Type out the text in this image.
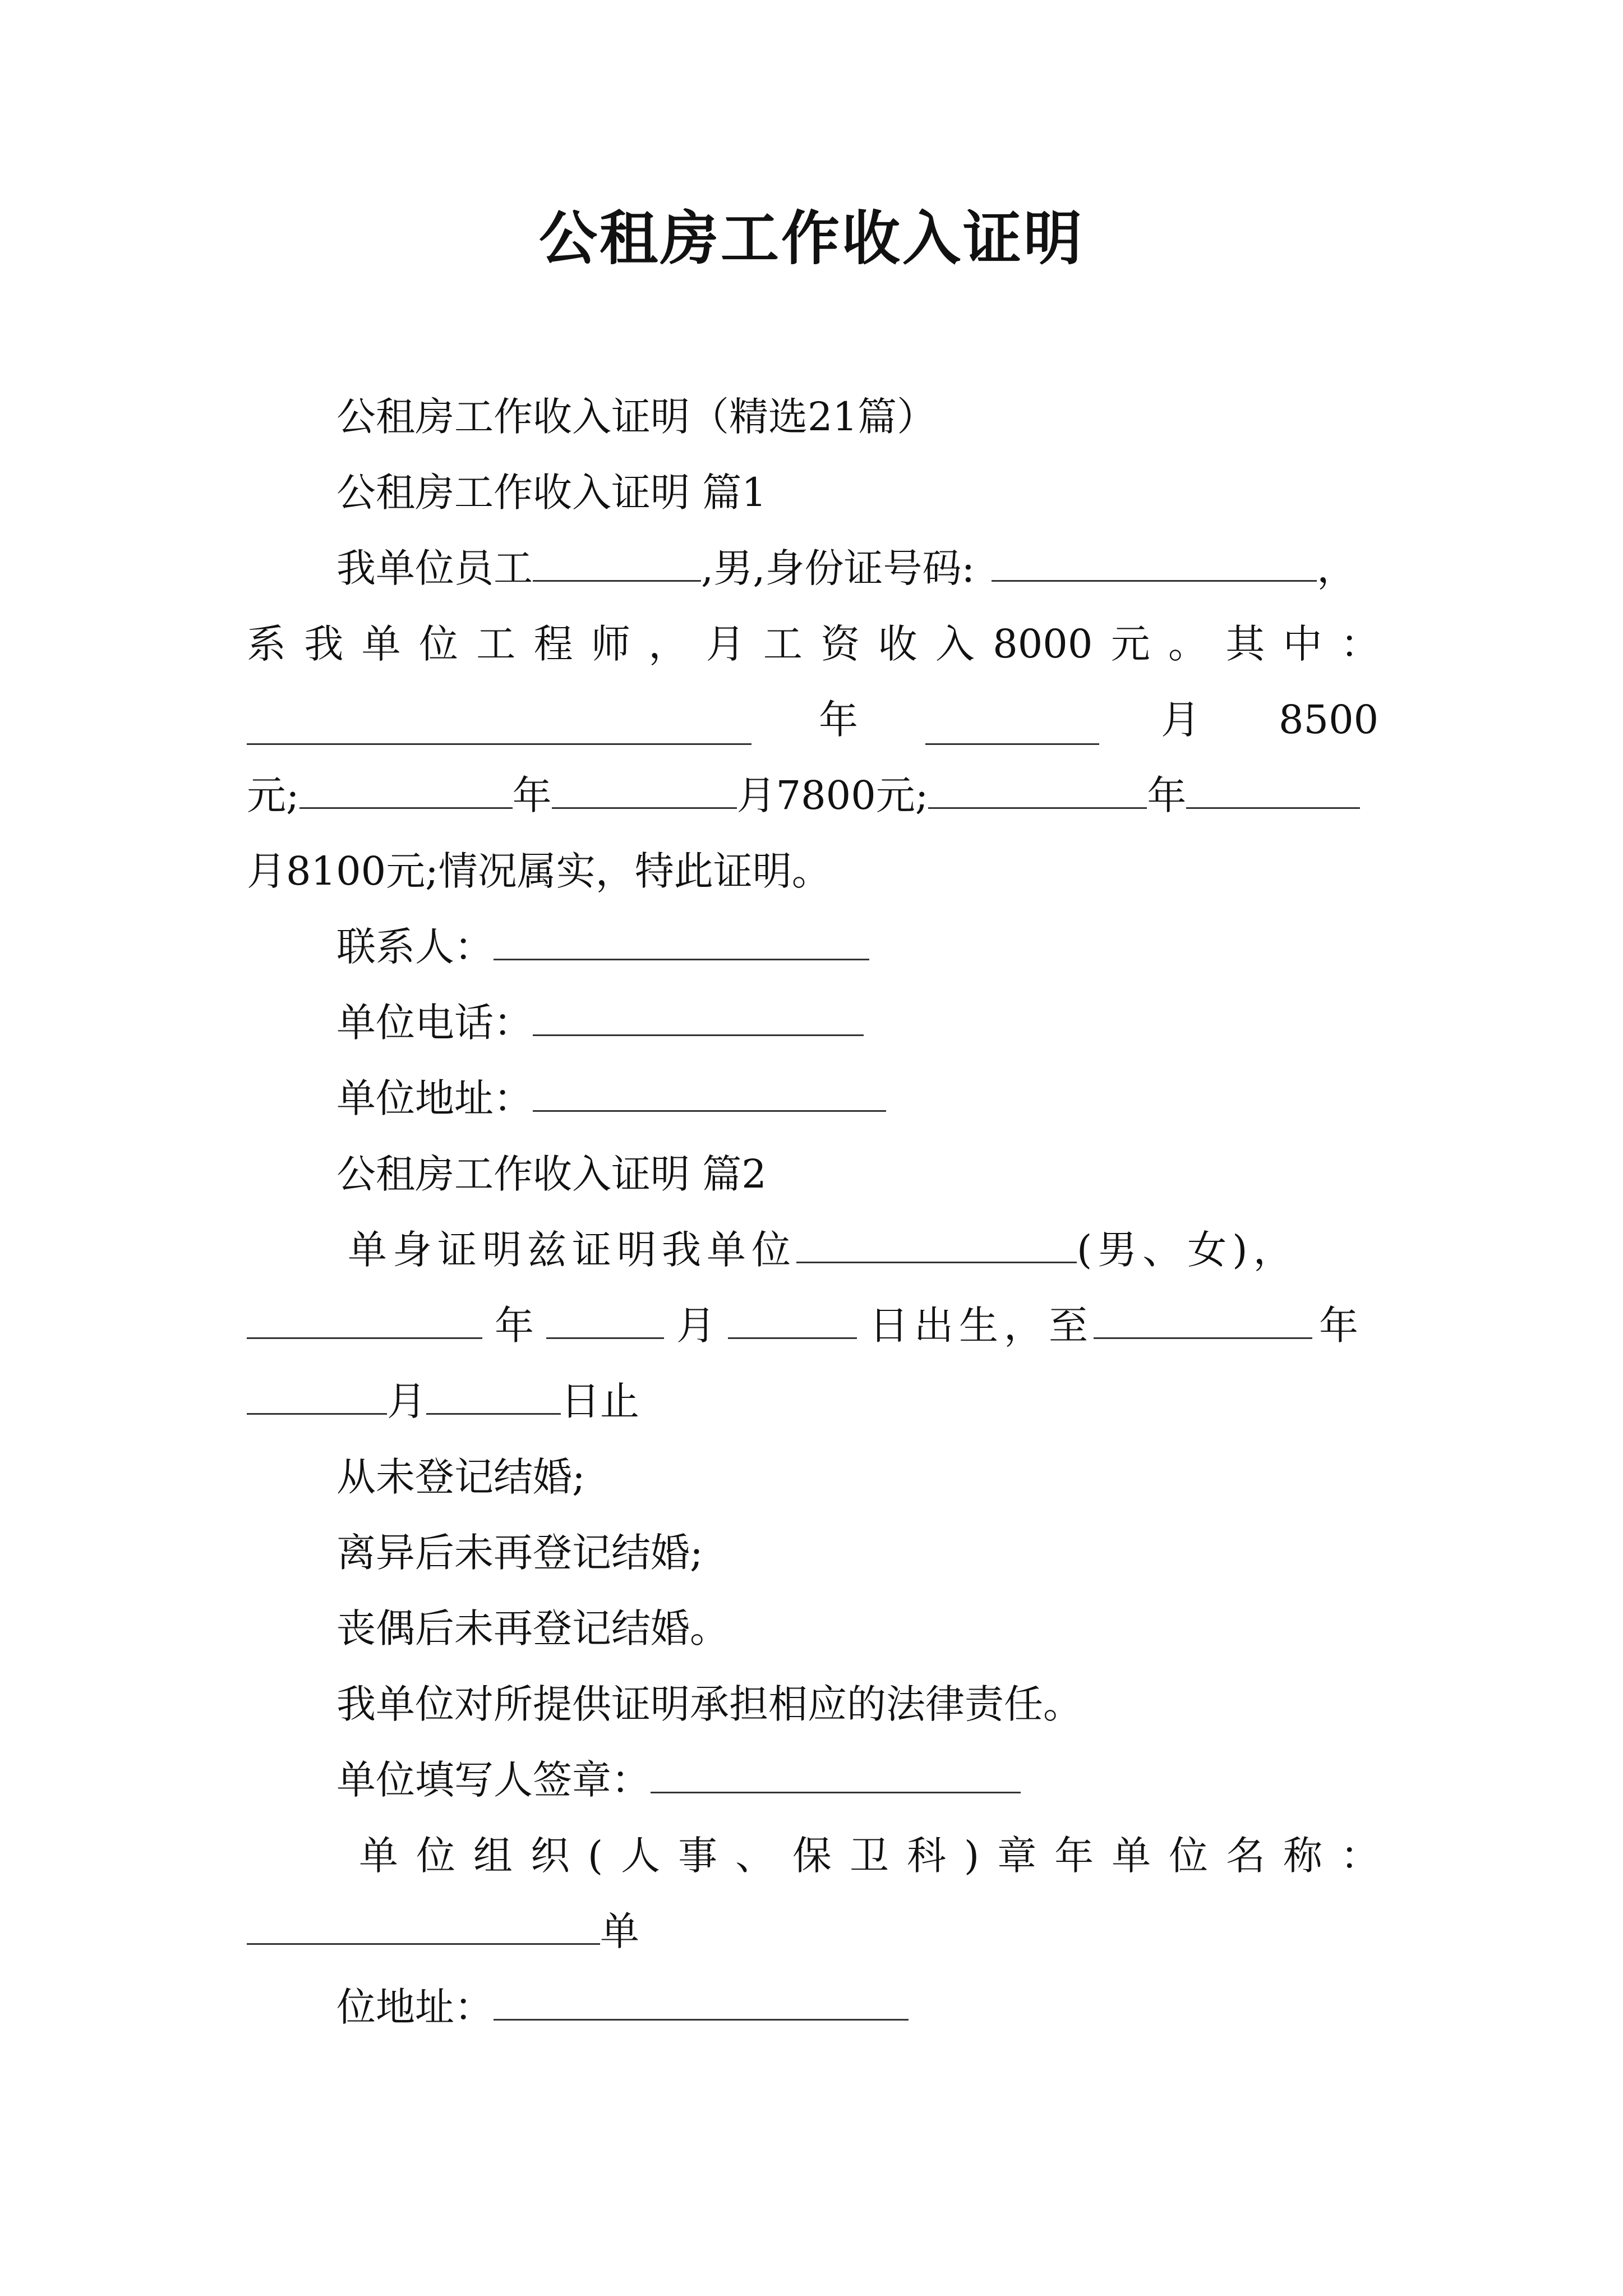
公租房工作收入证明
公租房工作收入证明（精选21篇）
公租房工作收入证明 篇1
我单位员工	,男,身份证号码:	，
系我单位工程师，月工资收入8000元。其中：
年	月 8500
元;	年	月7800元;	年
月8100元;情况属实，特此证明。
联系人：
单位电话：
单位地址：
公租房工作收入证明 篇2
单身证明兹证明我单位	(男、女)，
年	月	日出生，至	年
月	日止
从未登记结婚;
离异后未再登记结婚;
丧偶后未再登记结婚。
我单位对所提供证明承担相应的法律责任。
单位填写人签章：
单位组织(人事、保卫科)章年单位名称：
单
位地址：
